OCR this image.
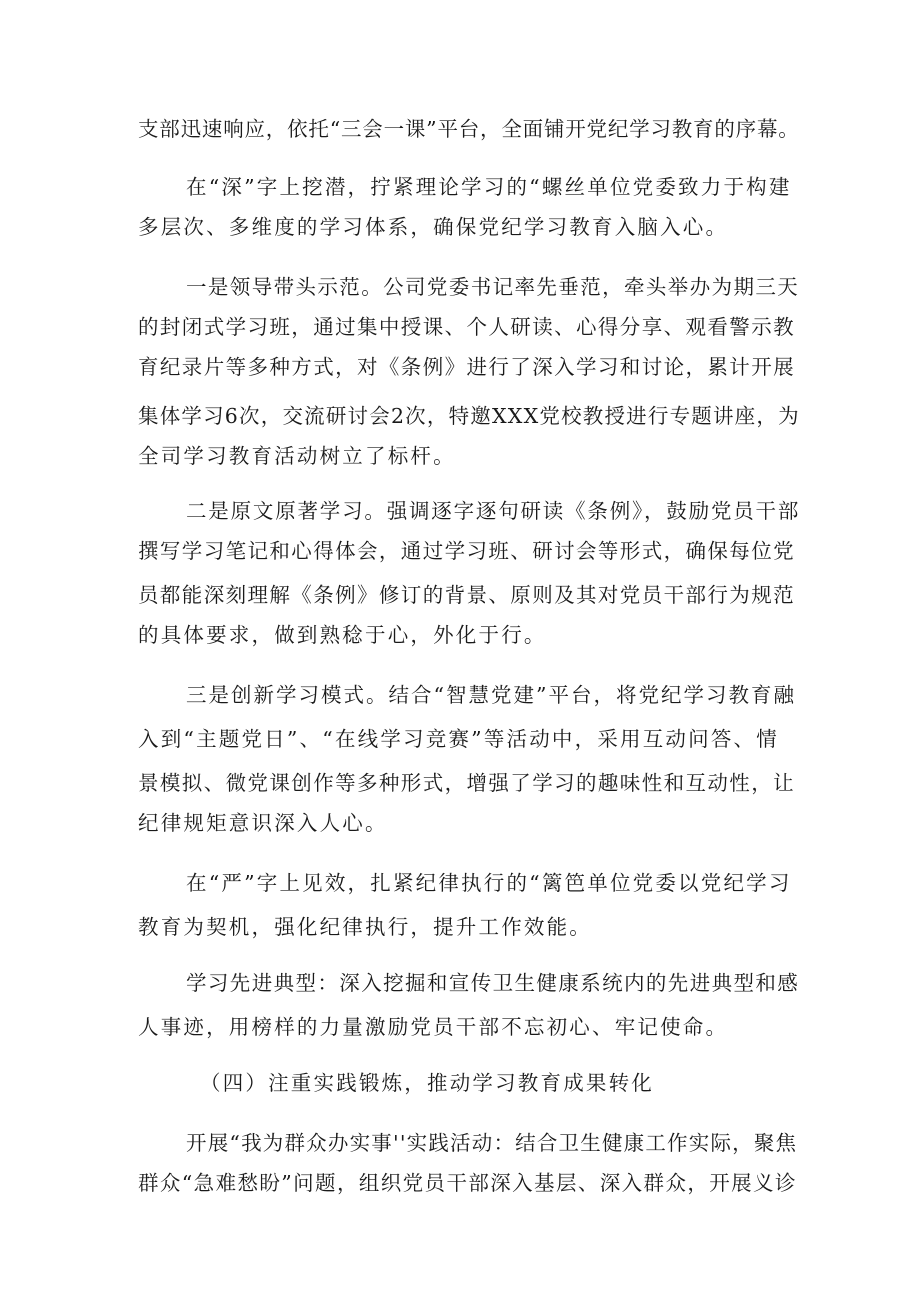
支部迅速响应，依托“三会一课”平台，全面铺开党纪学习教育的序幕。
在“深”字上挖潜，拧紧理论学习的“螺丝单位党委致力于构建
多层次、多维度的学习体系，确保党纪学习教育入脑入心。
一是领导带头示范。公司党委书记率先垂范，牵头举办为期三天
的封闭式学习班，通过集中授课、个人研读、心得分享、观看警示教
育纪录片等多种方式，对《条例》进行了深入学习和讨论，累计开展
集体学习6次，交流研讨会2次，特邀XXX党校教授进行专题讲座，为
全司学习教育活动树立了标杆。
二是原文原著学习。强调逐字逐句研读《条例》，鼓励党员干部
撰写学习笔记和心得体会，通过学习班、研讨会等形式，确保每位党
员都能深刻理解《条例》修订的背景、原则及其对党员干部行为规范
的具体要求，做到熟稔于心，外化于行。
三是创新学习模式。结合“智慧党建”平台，将党纪学习教育融
入到“主题党日”、“在线学习竞赛”等活动中，采用互动问答、情
景模拟、微党课创作等多种形式，增强了学习的趣味性和互动性，让
纪律规矩意识深入人心。
在“严”字上见效，扎紧纪律执行的“篱笆单位党委以党纪学习
教育为契机，强化纪律执行，提升工作效能。
学习先进典型：深入挖掘和宣传卫生健康系统内的先进典型和感
人事迹，用榜样的力量激励党员干部不忘初心、牢记使命。
（四）注重实践锻炼，推动学习教育成果转化
开展“我为群众办实事''实践活动：结合卫生健康工作实际，聚焦
群众“急难愁盼”问题，组织党员干部深入基层、深入群众，开展义诊
